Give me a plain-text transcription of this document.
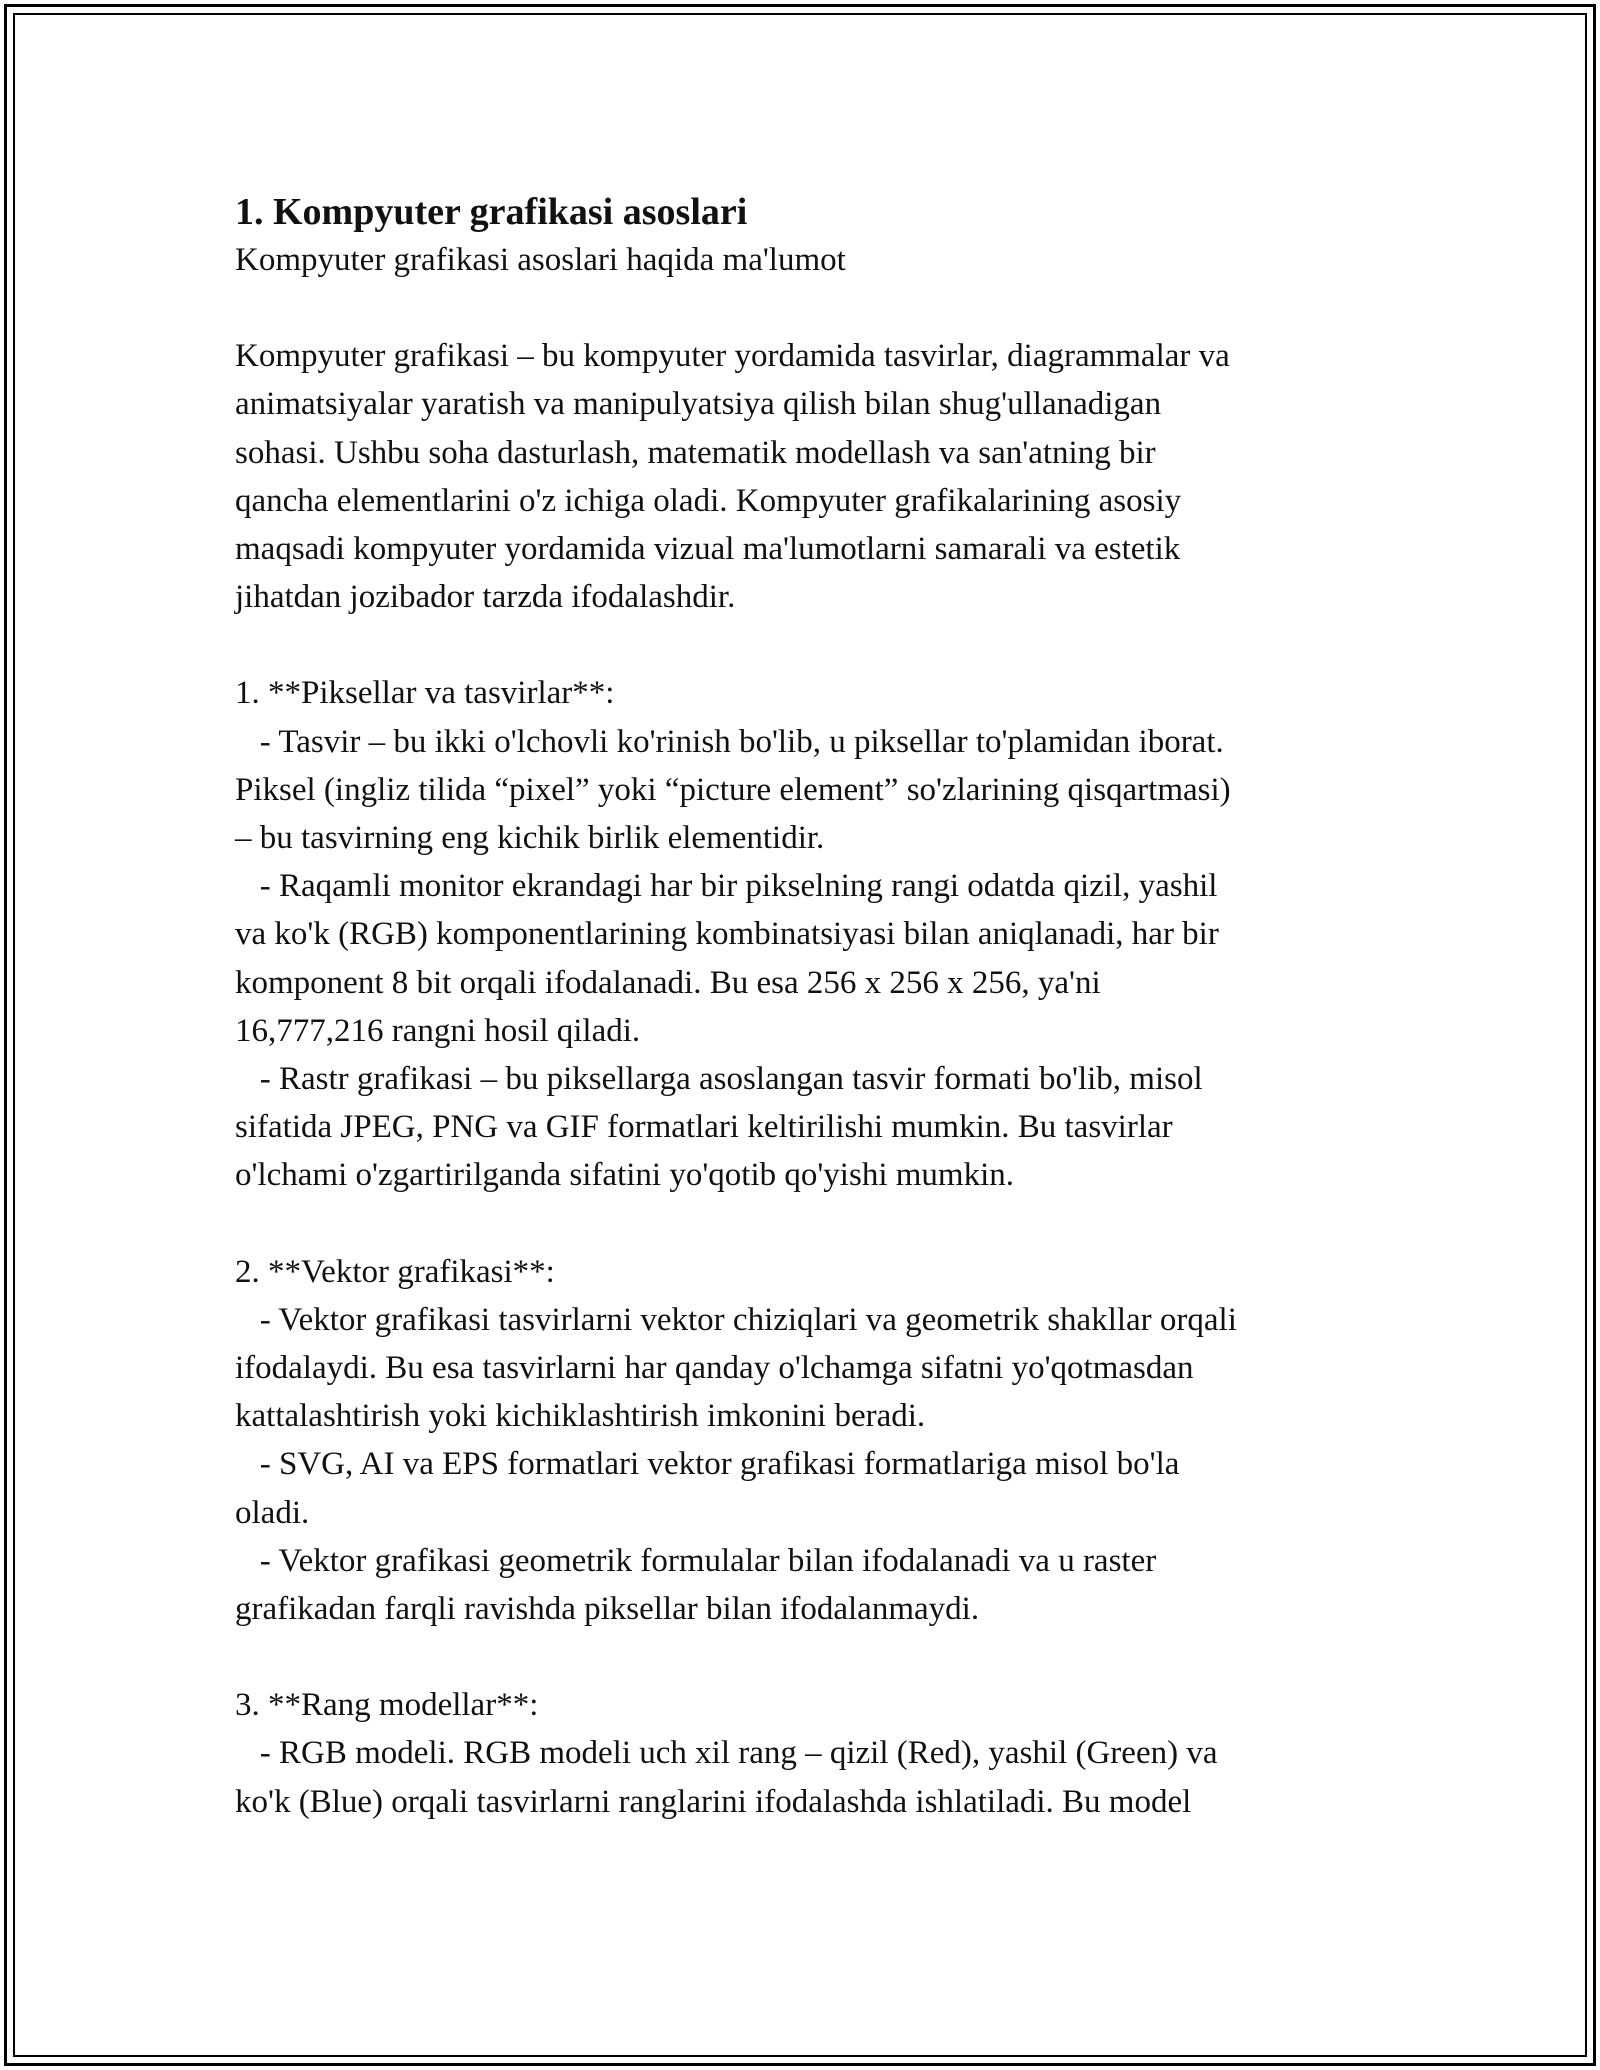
1. Kompyuter grafikasi asoslari

Kompyuter grafikasi asoslari haqida ma'lumot

Kompyuter grafikasi – bu kompyuter yordamida tasvirlar, diagrammalar va

animatsiyalar yaratish va manipulyatsiya qilish bilan shug'ullanadigan

sohasi. Ushbu soha dasturlash, matematik modellash va san'atning bir

qancha elementlarini o'z ichiga oladi. Kompyuter grafikalarining asosiy

maqsadi kompyuter yordamida vizual ma'lumotlarni samarali va estetik

jihatdan jozibador tarzda ifodalashdir.

1. **Piksellar va tasvirlar**:

- Tasvir – bu ikki o'lchovli ko'rinish bo'lib, u piksellar to'plamidan iborat.

Piksel (ingliz tilida “pixel” yoki “picture element” so'zlarining qisqartmasi)

– bu tasvirning eng kichik birlik elementidir.

- Raqamli monitor ekrandagi har bir pikselning rangi odatda qizil, yashil

va ko'k (RGB) komponentlarining kombinatsiyasi bilan aniqlanadi, har bir

komponent 8 bit orqali ifodalanadi. Bu esa 256 x 256 x 256, ya'ni

16,777,216 rangni hosil qiladi.

- Rastr grafikasi – bu piksellarga asoslangan tasvir formati bo'lib, misol

sifatida JPEG, PNG va GIF formatlari keltirilishi mumkin. Bu tasvirlar

o'lchami o'zgartirilganda sifatini yo'qotib qo'yishi mumkin.

2. **Vektor grafikasi**:

- Vektor grafikasi tasvirlarni vektor chiziqlari va geometrik shakllar orqali

ifodalaydi. Bu esa tasvirlarni har qanday o'lchamga sifatni yo'qotmasdan

kattalashtirish yoki kichiklashtirish imkonini beradi.

- SVG, AI va EPS formatlari vektor grafikasi formatlariga misol bo'la

oladi.

- Vektor grafikasi geometrik formulalar bilan ifodalanadi va u raster

grafikadan farqli ravishda piksellar bilan ifodalanmaydi.

3. **Rang modellar**:

- RGB modeli. RGB modeli uch xil rang – qizil (Red), yashil (Green) va

ko'k (Blue) orqali tasvirlarni ranglarini ifodalashda ishlatiladi. Bu model
